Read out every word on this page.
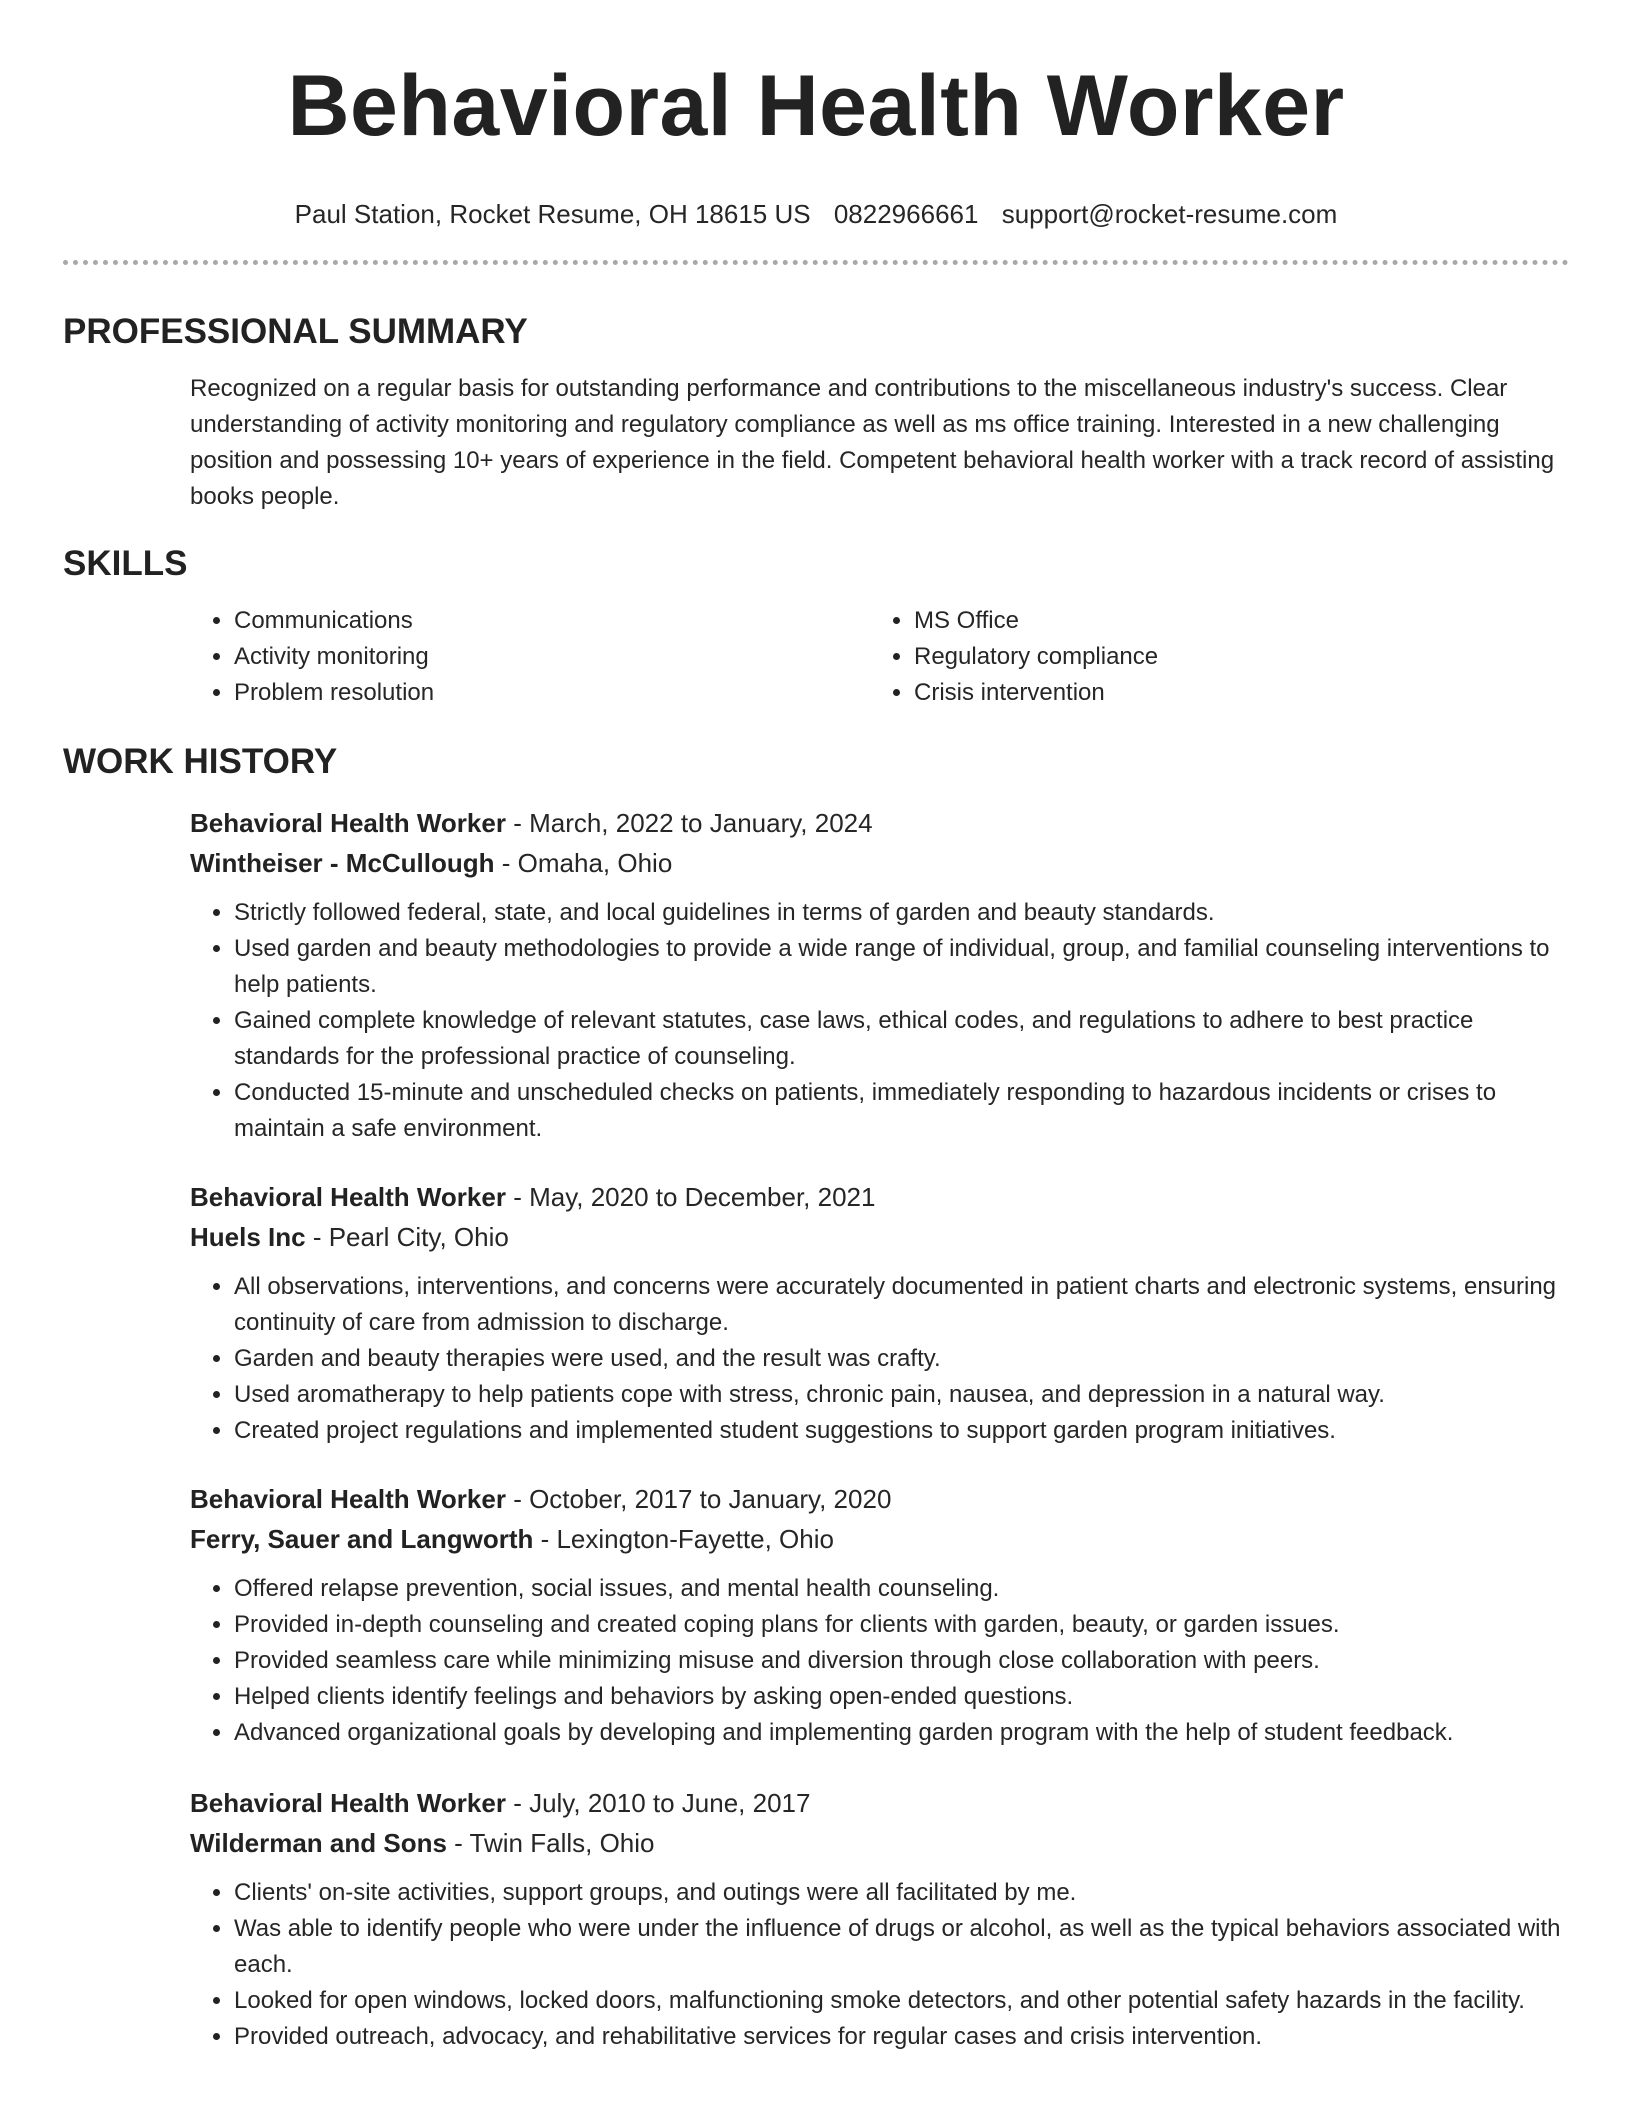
Behavioral Health Worker
Paul Station, Rocket Resume, OH 18615 US 0822966661 support@rocket-resume.com
PROFESSIONAL SUMMARY
Recognized on a regular basis for outstanding performance and contributions to the miscellaneous industry's success. Clear understanding of activity monitoring and regulatory compliance as well as ms office training. Interested in a new challenging position and possessing 10+ years of experience in the field. Competent behavioral health worker with a track record of assisting books people.
SKILLS
• Communications
• Activity monitoring
• Problem resolution
• MS Office
• Regulatory compliance
• Crisis intervention
WORK HISTORY
Behavioral Health Worker - March, 2022 to January, 2024
Wintheiser - McCullough - Omaha, Ohio
• Strictly followed federal, state, and local guidelines in terms of garden and beauty standards.
• Used garden and beauty methodologies to provide a wide range of individual, group, and familial counseling interventions to help patients.
• Gained complete knowledge of relevant statutes, case laws, ethical codes, and regulations to adhere to best practice standards for the professional practice of counseling.
• Conducted 15-minute and unscheduled checks on patients, immediately responding to hazardous incidents or crises to maintain a safe environment.
Behavioral Health Worker - May, 2020 to December, 2021
Huels Inc - Pearl City, Ohio
• All observations, interventions, and concerns were accurately documented in patient charts and electronic systems, ensuring continuity of care from admission to discharge.
• Garden and beauty therapies were used, and the result was crafty.
• Used aromatherapy to help patients cope with stress, chronic pain, nausea, and depression in a natural way.
• Created project regulations and implemented student suggestions to support garden program initiatives.
Behavioral Health Worker - October, 2017 to January, 2020
Ferry, Sauer and Langworth - Lexington-Fayette, Ohio
• Offered relapse prevention, social issues, and mental health counseling.
• Provided in-depth counseling and created coping plans for clients with garden, beauty, or garden issues.
• Provided seamless care while minimizing misuse and diversion through close collaboration with peers.
• Helped clients identify feelings and behaviors by asking open-ended questions.
• Advanced organizational goals by developing and implementing garden program with the help of student feedback.
Behavioral Health Worker - July, 2010 to June, 2017
Wilderman and Sons - Twin Falls, Ohio
• Clients' on-site activities, support groups, and outings were all facilitated by me.
• Was able to identify people who were under the influence of drugs or alcohol, as well as the typical behaviors associated with each.
• Looked for open windows, locked doors, malfunctioning smoke detectors, and other potential safety hazards in the facility.
• Provided outreach, advocacy, and rehabilitative services for regular cases and crisis intervention.
